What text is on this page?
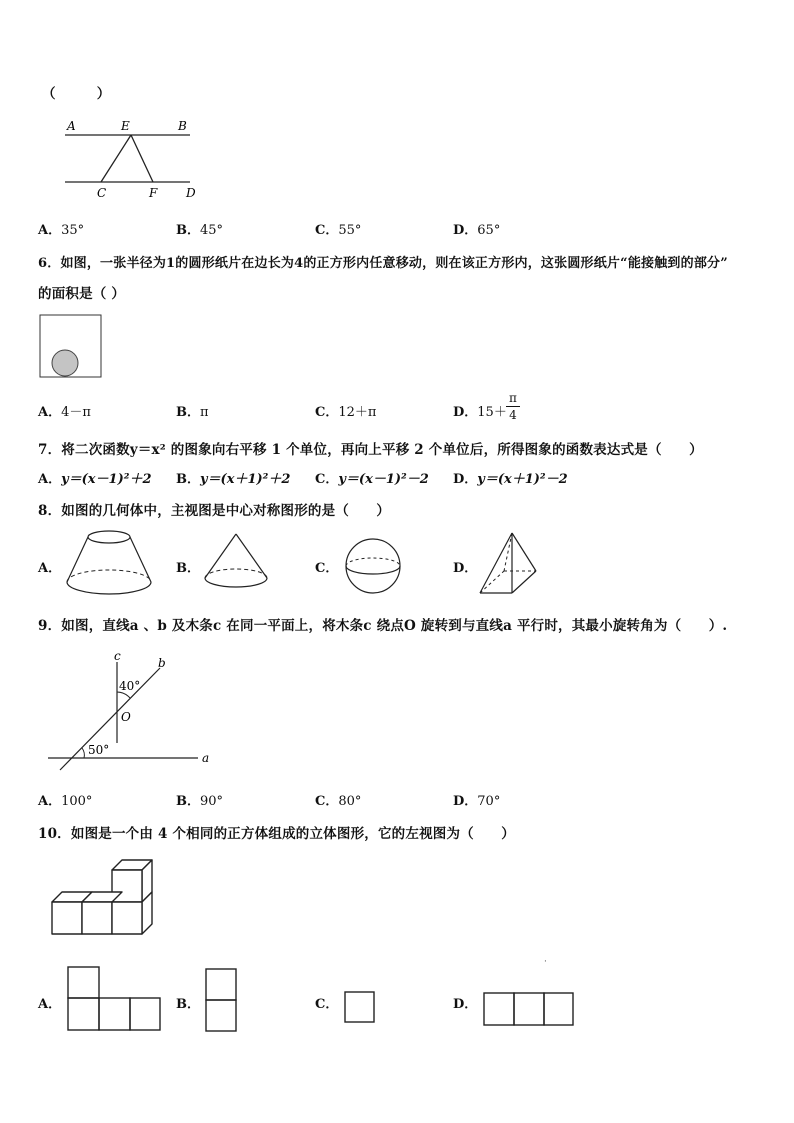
（　　　）
A	E	B
C	F D
A．35°	B．45°	C．55°	D．65°
6．如图，一张半径为1的圆形纸片在边长为4的正方形内任意移动，则在该正方形内，这张圆形纸片“能接触到的部分”
的面积是（ ）
A．4－π	B．π	C．12＋π	D．15＋
π
4
7．将二次函数y＝x² 的图象向右平移 1 个单位，再向上平移 2 个单位后，所得图象的函数表达式是（　　）
A．y＝(x－1)²＋2 B．y＝(x＋1)²＋2 C．y＝(x－1)²－2 D．y＝(x＋1)²－2
8．如图的几何体中，主视图是中心对称图形的是（　　）
A．	B．	C．	D．
9．如图，直线a 、b 及木条c 在同一平面上，将木条c 绕点O 旋转到与直线a 平行时，其最小旋转角为（　　）.
c	b
40°
O
50°
a
A．100°	B．90°	C．80°	D．70°
10．如图是一个由 4 个相同的正方体组成的立体图形，它的左视图为（　　）
·
A．	B．	C．	D．
